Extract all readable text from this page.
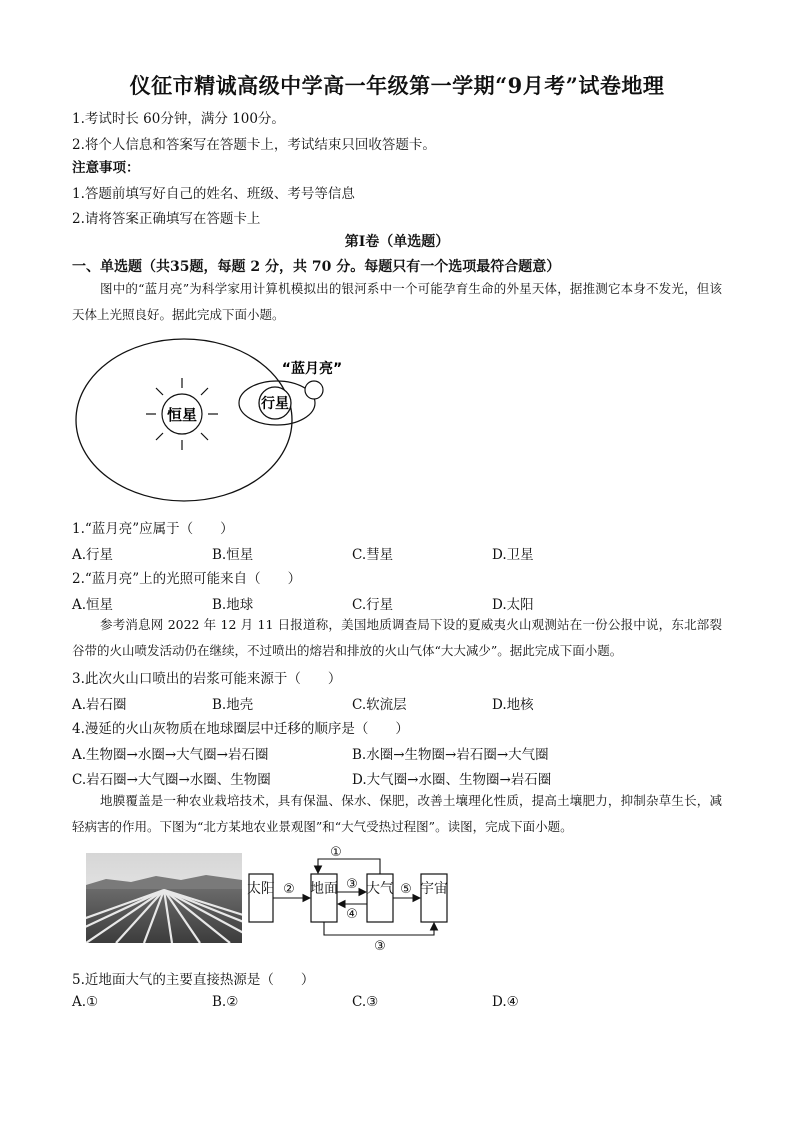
仪征市精诚高级中学高一年级第一学期“9月考”试卷地理
1.考试时长 60分钟，满分 100分。
2.将个人信息和答案写在答题卡上，考试结束只回收答题卡。
注意事项：
1.答题前填写好自己的姓名、班级、考号等信息
2.请将答案正确填写在答题卡上
第Ⅰ卷（单选题）
一、单选题（共35题，每题 2 分，共 70 分。每题只有一个选项最符合题意）
图中的“蓝月亮”为科学家用计算机模拟出的银河系中一个可能孕育生命的外星天体，据推测它本身不发光，但该天体上光照良好。据此完成下面小题。
恒星
行星
“蓝月亮”
1.“蓝月亮”应属于（　　）
A.行星	B.恒星	C.彗星	D.卫星
2.“蓝月亮”上的光照可能来自（　　）
A.恒星	B.地球	C.行星	D.太阳
参考消息网 2022 年 12 月 11 日报道称，美国地质调查局下设的夏威夷火山观测站在一份公报中说，东北部裂谷带的火山喷发活动仍在继续，不过喷出的熔岩和排放的火山气体“大大减少”。据此完成下面小题。
3.此次火山口喷出的岩浆可能来源于（　　）
A.岩石圈	B.地壳	C.软流层	D.地核
4.漫延的火山灰物质在地球圈层中迁移的顺序是（　　）
A.生物圈→水圈→大气圈→岩石圈	B.水圈→生物圈→岩石圈→大气圈
C.岩石圈→大气圈→水圈、生物圈	D.大气圈→水圈、生物圈→岩石圈
地膜覆盖是一种农业栽培技术，具有保温、保水、保肥，改善土壤理化性质，提高土壤肥力，抑制杂草生长，减轻病害的作用。下图为“北方某地农业景观图”和“大气受热过程图”。读图，完成下面小题。
太阳	地面 大气 宇宙
①
②	③
④
⑤
③
5.近地面大气的主要直接热源是（　　）
A.①	B.②	C.③	D.④
